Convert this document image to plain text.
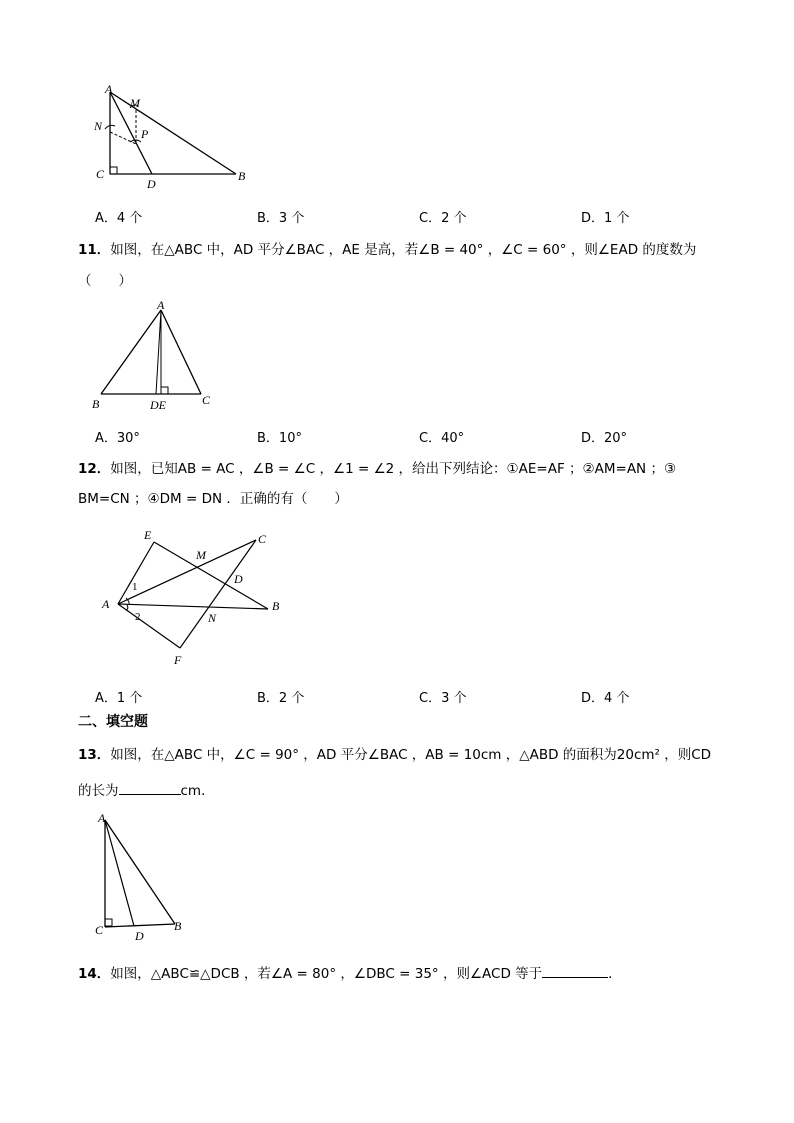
A
M
N
P
C
D
B
A．4 个	B．3 个	C．2 个	D．1 个
11．如图，在△ABC 中，AD 平分∠BAC ，AE 是高，若∠B = 40° ，∠C = 60° ，则∠EAD 的度数为
（　　）
A
B	DE	C
A．30°	B．10°	C．40°	D．20°
12．如图，已知AB = AC ，∠B = ∠C ，∠1 = ∠2 ，给出下列结论：①AE=AF ；②AM=AN ；③
BM=CN ；④DM = DN ．正确的有（　　）
E
M
C
D
A	B
N
F
1
2
A．1 个	B．2 个	C．3 个	D．4 个
二、填空题
13．如图，在△ABC 中，∠C = 90° ，AD 平分∠BAC ，AB = 10cm ，△ABD 的面积为20cm² ，则CD
的长为	cm．
A
C	D
B
14．如图，△ABC≌△DCB ，若∠A = 80° ，∠DBC = 35° ，则∠ACD 等于	．
